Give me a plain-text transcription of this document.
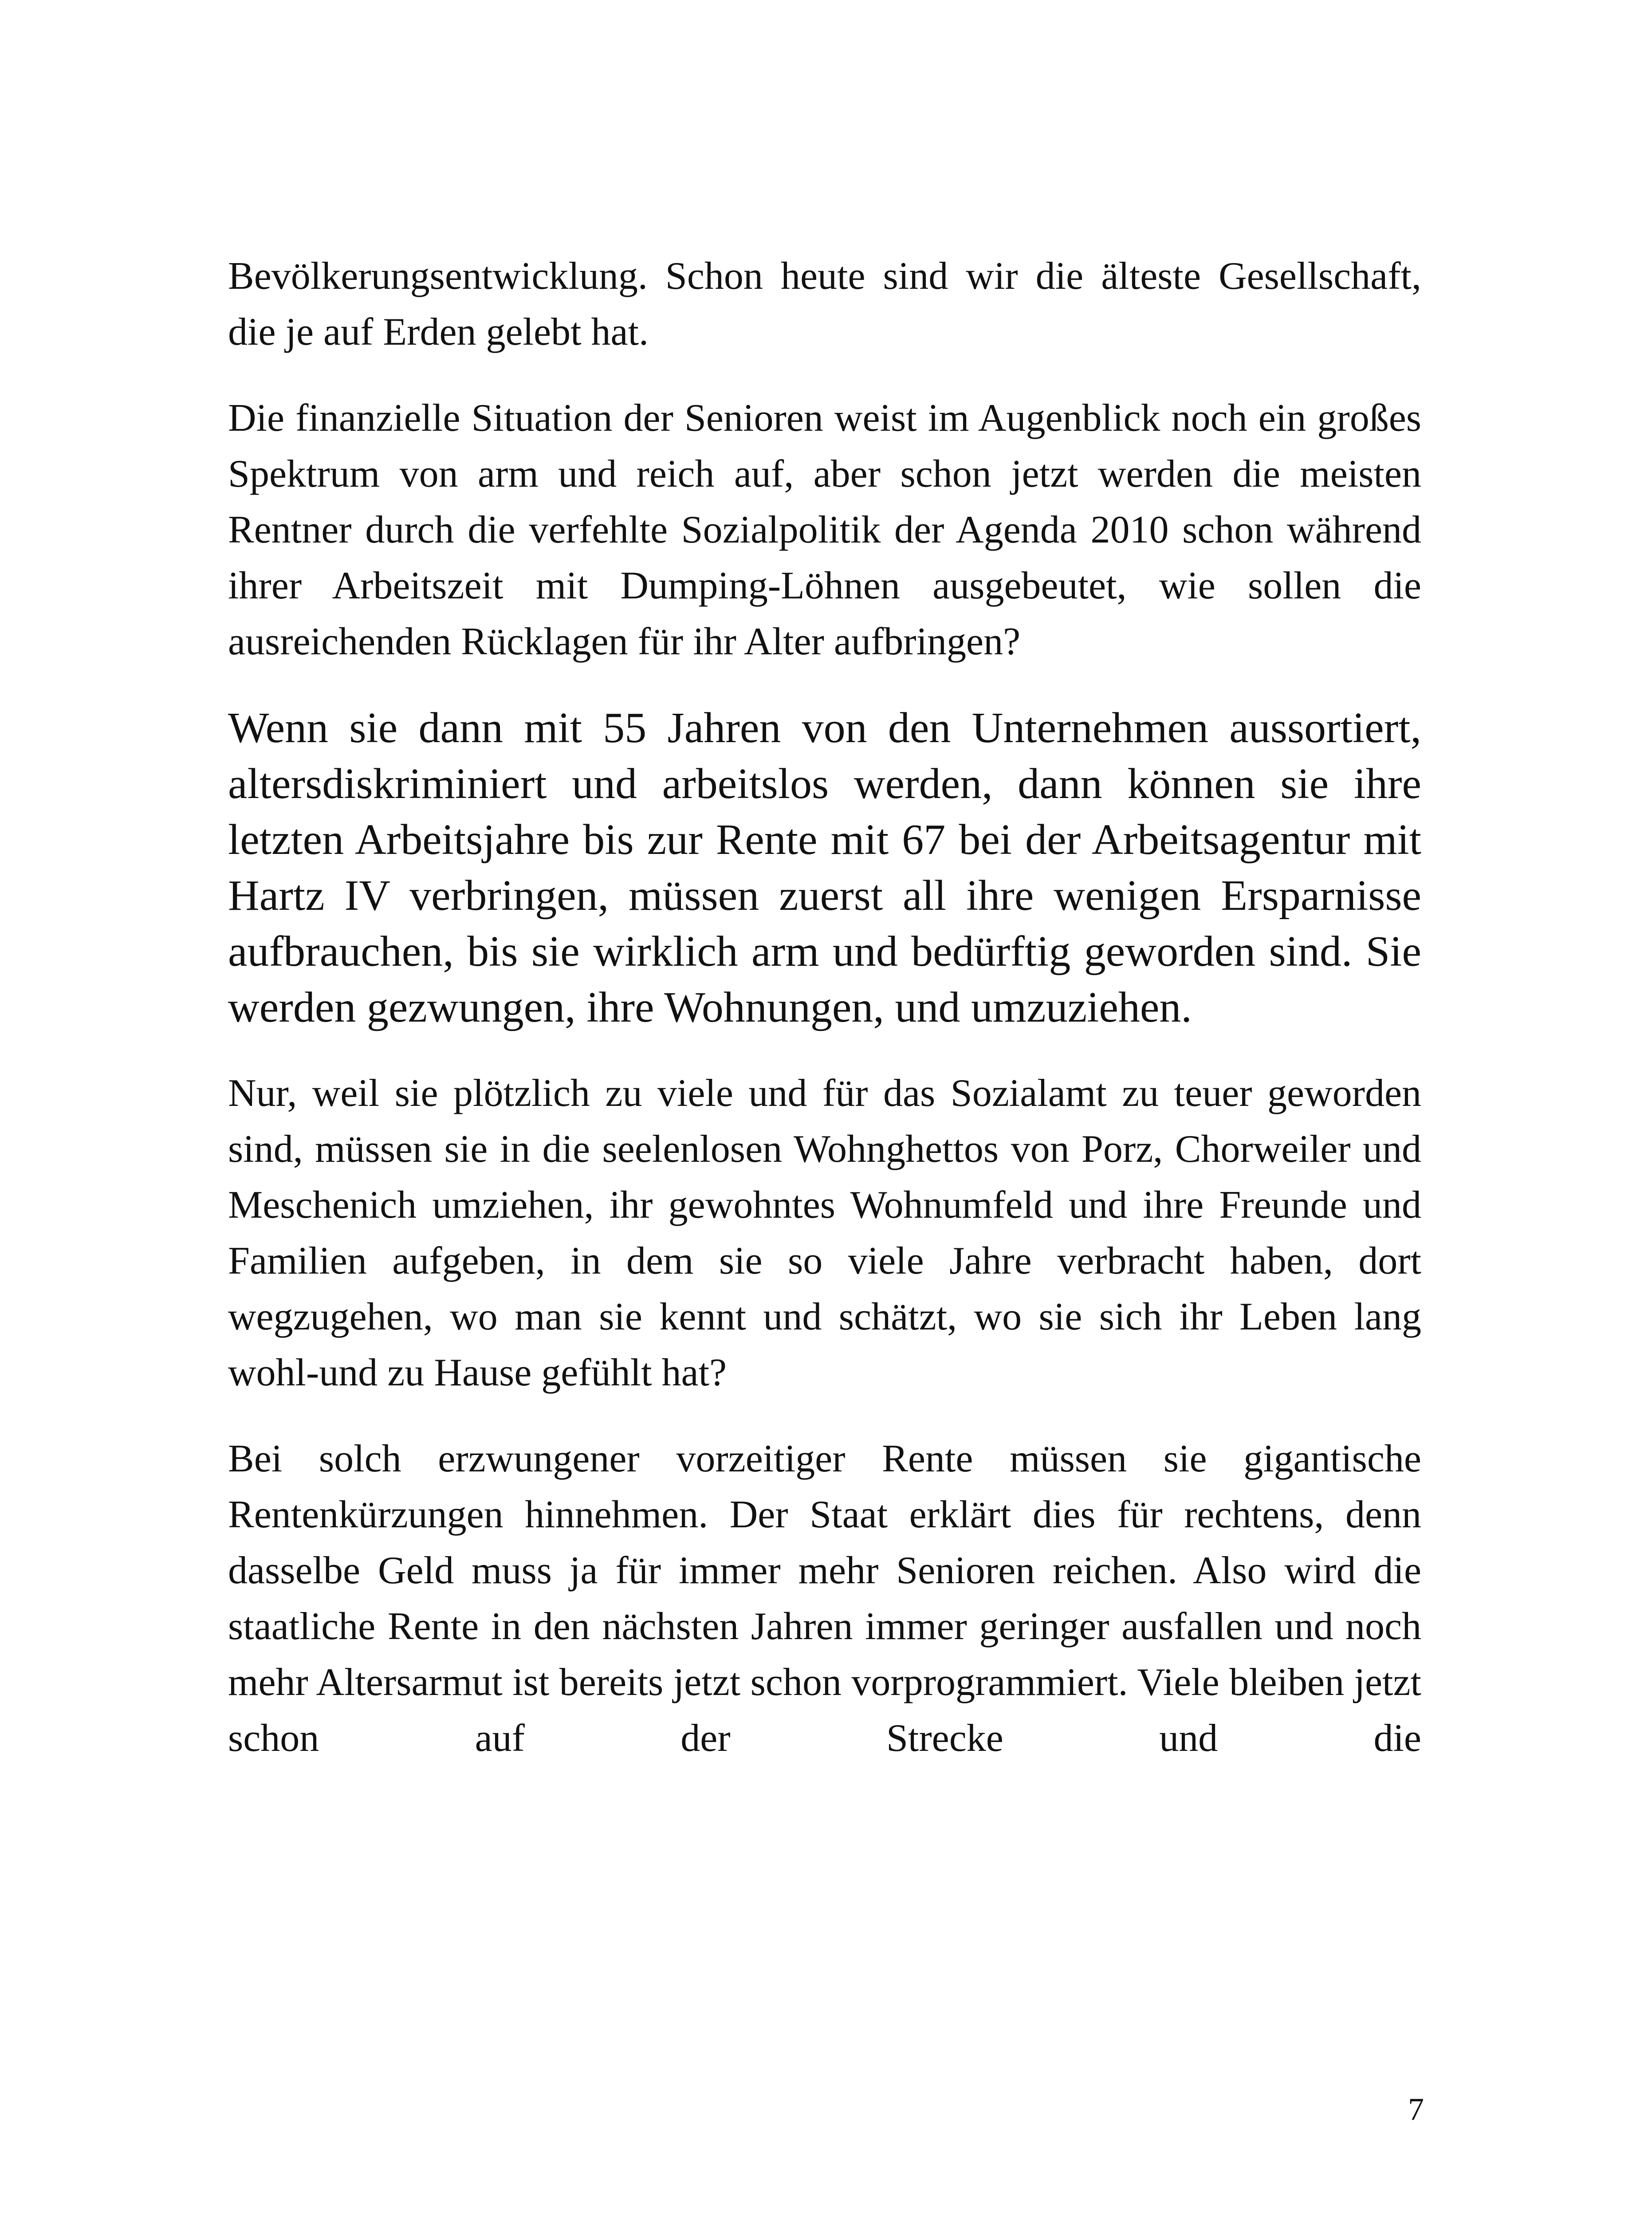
Bevölkerungsentwicklung. Schon heute sind wir die älteste Gesellschaft, die je auf Erden gelebt hat.

Die finanzielle Situation der Senioren weist im Augenblick noch ein großes Spektrum von arm und reich auf, aber schon jetzt werden die meisten Rentner durch die verfehlte Sozialpolitik der Agenda 2010 schon während ihrer Arbeitszeit mit Dumping-Löhnen ausgebeutet, wie sollen die ausreichenden Rücklagen für ihr Alter aufbringen?

Wenn sie dann mit 55 Jahren von den Unternehmen aussortiert, altersdiskriminiert und arbeitslos werden, dann können sie ihre letzten Arbeitsjahre bis zur Rente mit 67 bei der Arbeitsagentur mit Hartz IV verbringen, müssen zuerst all ihre wenigen Ersparnisse aufbrauchen, bis sie wirklich arm und bedürftig geworden sind. Sie werden gezwungen, ihre Wohnungen, und umzuziehen.

Nur, weil sie plötzlich zu viele und für das Sozialamt zu teuer geworden sind, müssen sie in die seelenlosen Wohnghettos von Porz, Chorweiler und Meschenich umziehen, ihr gewohntes Wohnumfeld und ihre Freunde und Familien aufgeben, in dem sie so viele Jahre verbracht haben, dort wegzugehen, wo man sie kennt und schätzt, wo sie sich ihr Leben lang wohl-und zu Hause gefühlt hat?

Bei solch erzwungener vorzeitiger Rente müssen sie gigantische Rentenkürzungen hinnehmen. Der Staat erklärt dies für rechtens, denn dasselbe Geld muss ja für immer mehr Senioren reichen. Also wird die staatliche Rente in den nächsten Jahren immer geringer ausfallen und noch mehr Altersarmut ist bereits jetzt schon vorprogrammiert. Viele bleiben jetzt schon auf der Strecke und die

7
